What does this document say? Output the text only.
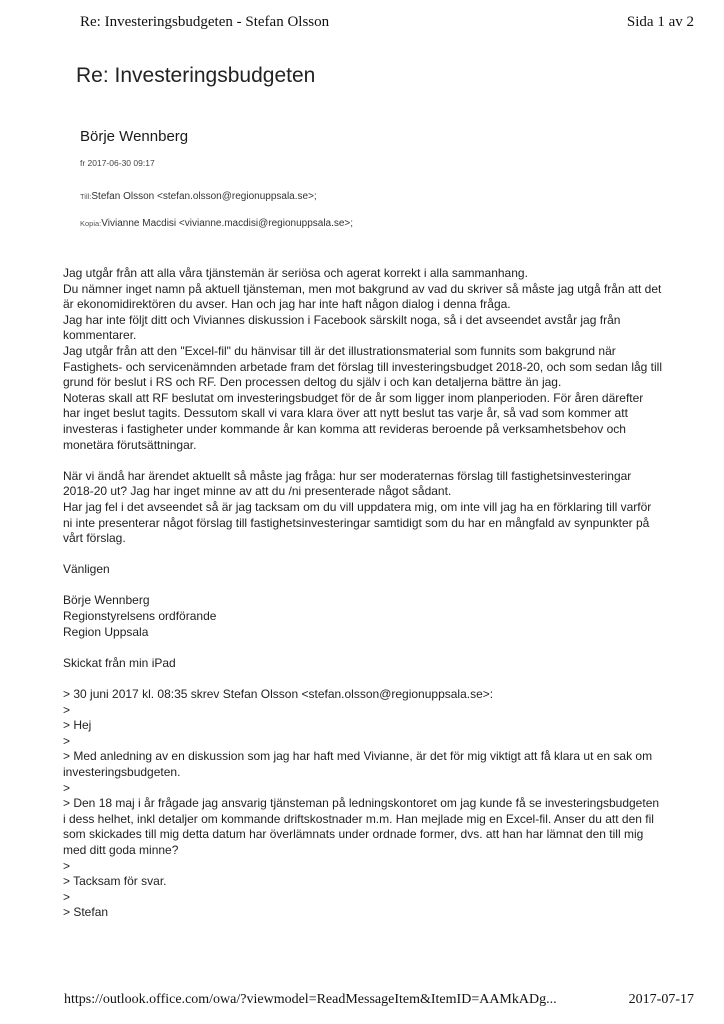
Re: Investeringsbudgeten - Stefan Olsson	Sida 1 av 2
Re: Investeringsbudgeten
Börje Wennberg
fr 2017-06-30 09:17
Till:Stefan Olsson <stefan.olsson@regionuppsala.se>;
Kopia:Vivianne Macdisi <vivianne.macdisi@regionuppsala.se>;

Jag utgår från att alla våra tjänstemän är seriösa och agerat korrekt i alla sammanhang.

Du nämner inget namn på aktuell tjänsteman, men mot bakgrund av vad du skriver så måste jag utgå från att det är ekonomidirektören du avser. Han och jag har inte haft någon dialog i denna fråga.

Jag har inte följt ditt och Viviannes diskussion i Facebook särskilt noga, så i det avseendet avstår jag från kommentarer.

Jag utgår från att den "Excel-fil" du hänvisar till är det illustrationsmaterial som funnits som bakgrund när Fastighets- och servicenämnden arbetade fram det förslag till investeringsbudget 2018-20, och som sedan låg till grund för beslut i RS och RF. Den processen deltog du själv i och kan detaljerna bättre än jag.

Noteras skall att RF beslutat om investeringsbudget för de år som ligger inom planperioden. För åren därefter har inget beslut tagits. Dessutom skall vi vara klara över att nytt beslut tas varje år, så vad som kommer att investeras i fastigheter under kommande år kan komma att revideras beroende på verksamhetsbehov och monetära förutsättningar.

När vi ändå har ärendet aktuellt så måste jag fråga: hur ser moderaternas förslag till fastighetsinvesteringar 2018-20 ut? Jag har inget minne av att du /ni presenterade något sådant.

Har jag fel i det avseendet så är jag tacksam om du vill uppdatera mig, om inte vill jag ha en förklaring till varför ni inte presenterar något förslag till fastighetsinvesteringar samtidigt som du har en mångfald av synpunkter på vårt förslag.

Vänligen

Börje Wennberg

Regionstyrelsens ordförande

Region Uppsala

Skickat från min iPad

> 30 juni 2017 kl. 08:35 skrev Stefan Olsson <stefan.olsson@regionuppsala.se>:

>

> Hej

>

> Med anledning av en diskussion som jag har haft med Vivianne, är det för mig viktigt att få klara ut en sak om investeringsbudgeten.

>

> Den 18 maj i år frågade jag ansvarig tjänsteman på ledningskontoret om jag kunde få se investeringsbudgeten i dess helhet, inkl detaljer om kommande driftskostnader m.m. Han mejlade mig en Excel-fil. Anser du att den fil som skickades till mig detta datum har överlämnats under ordnade former, dvs. att han har lämnat den till mig med ditt goda minne?

>

> Tacksam för svar.

>

> Stefan

https://outlook.office.com/owa/?viewmodel=ReadMessageItem&ItemID=AAMkADg...	2017-07-17
